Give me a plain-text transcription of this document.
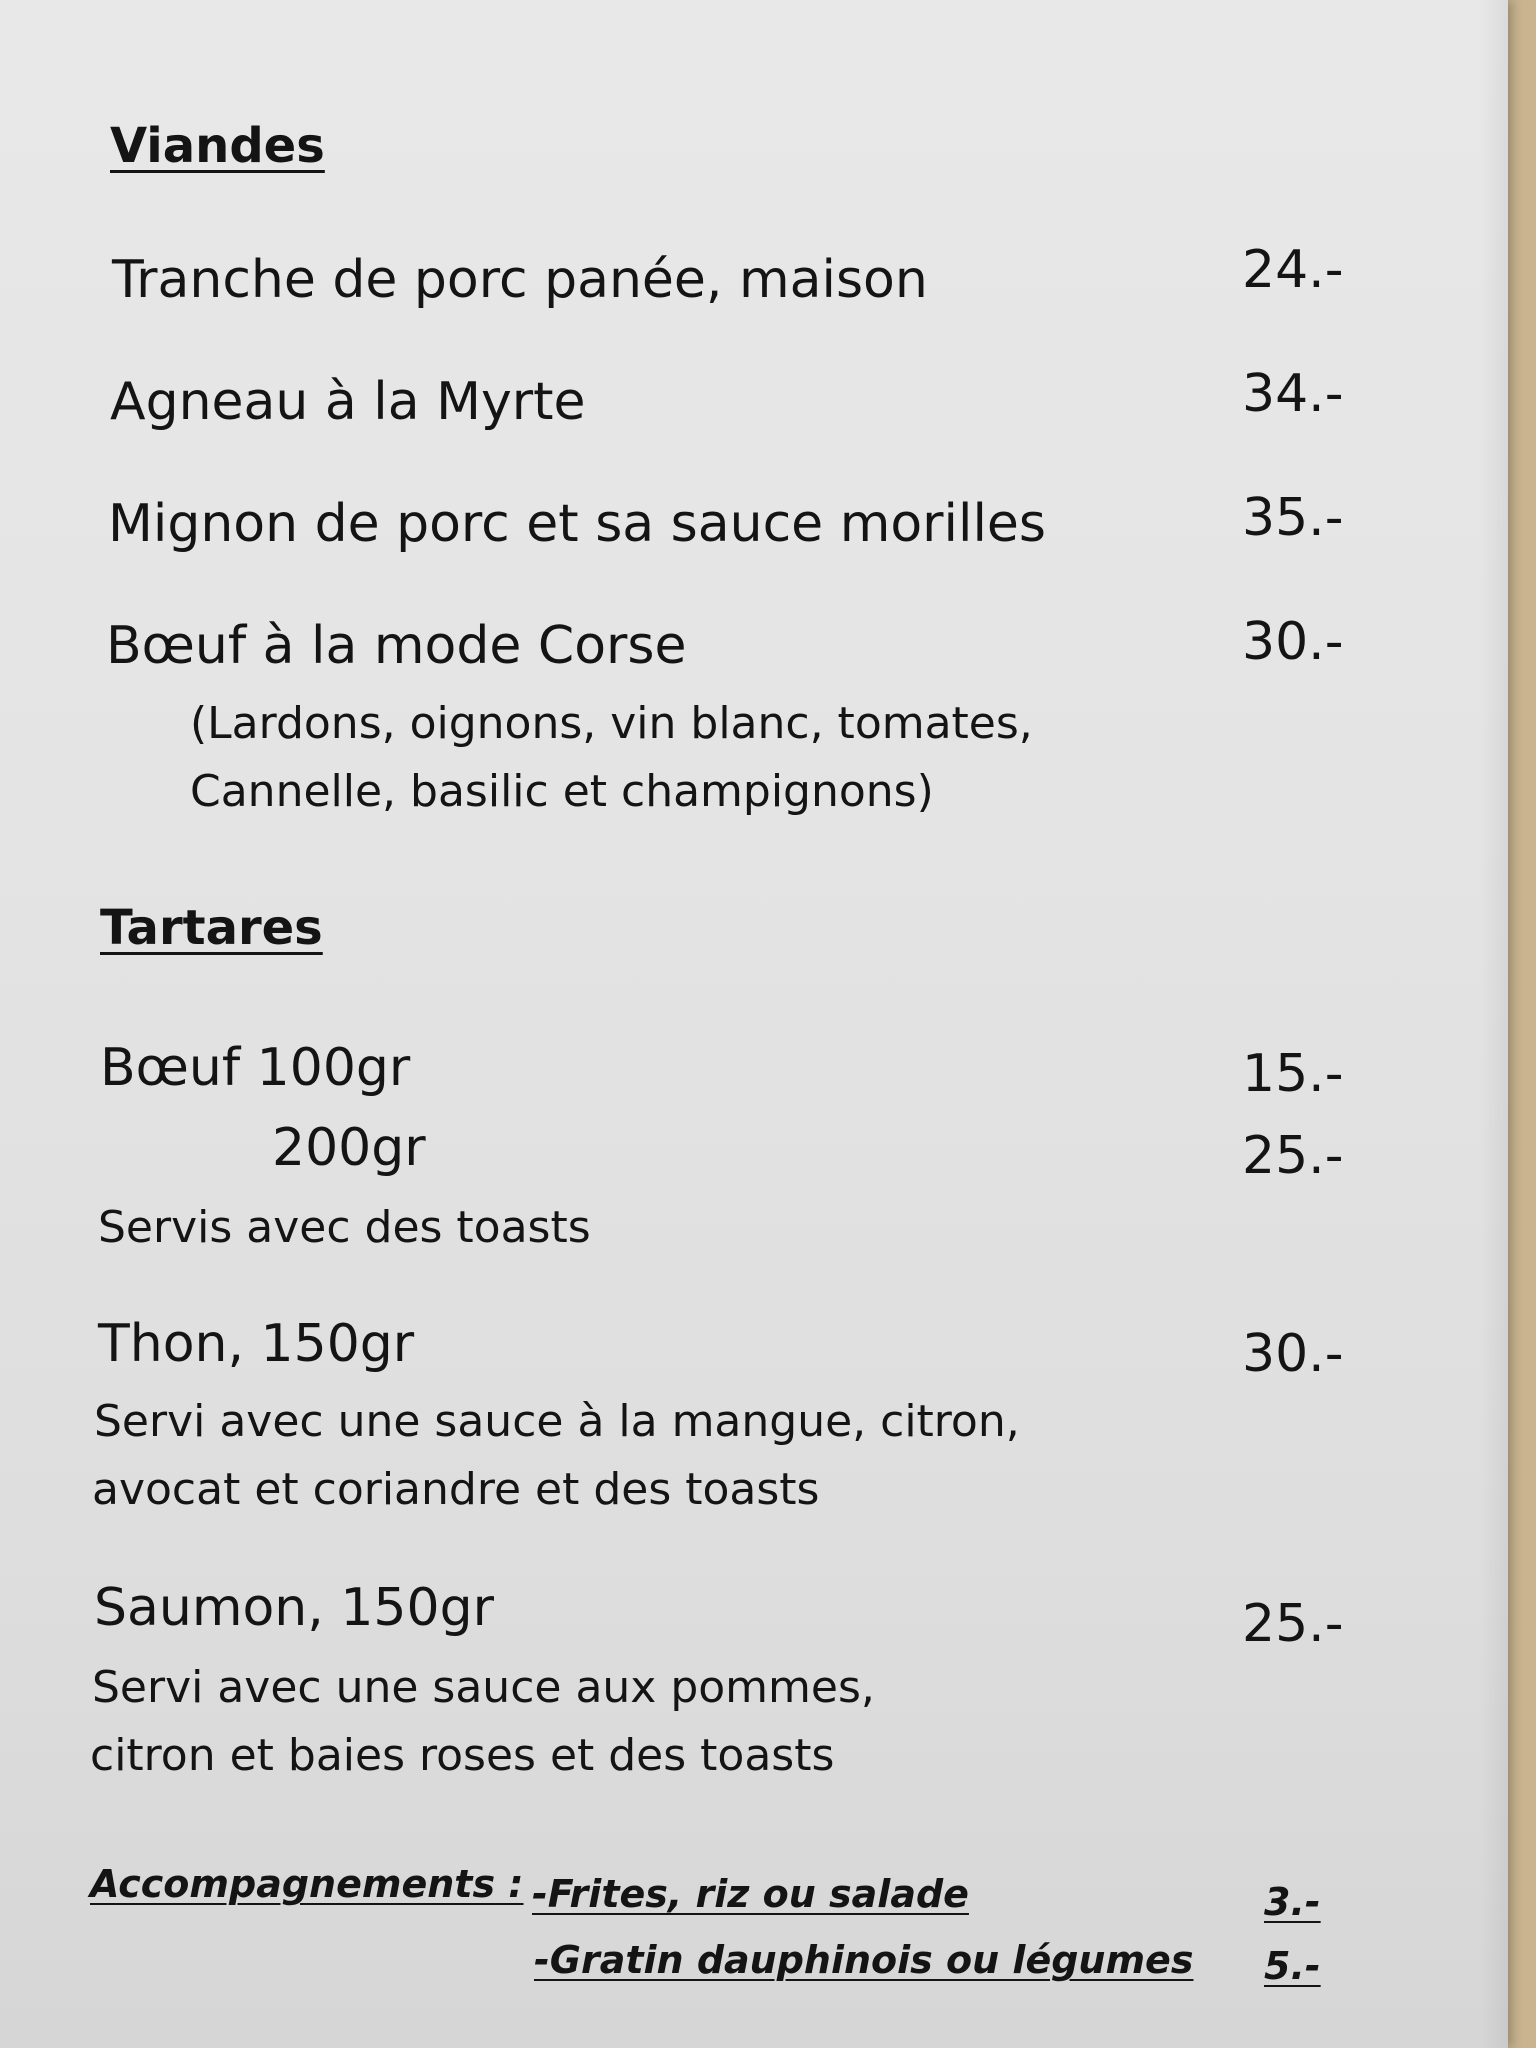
Viandes
Tranche de porc panée, maison	24.-
Agneau à la Myrte	34.-
Mignon de porc et sa sauce morilles	35.-
Bœuf à la mode Corse	30.-
(Lardons, oignons, vin blanc, tomates,
Cannelle, basilic et champignons)
Tartares
Bœuf 100gr	15.-
200gr	25.-
Servis avec des toasts
Thon, 150gr	30.-
Servi avec une sauce à la mangue, citron,
avocat et coriandre et des toasts
Saumon, 150gr	25.-
Servi avec une sauce aux pommes,
citron et baies roses et des toasts
Accompagnements : -Frites, riz ou salade	3.-
-Gratin dauphinois ou légumes 5.-
